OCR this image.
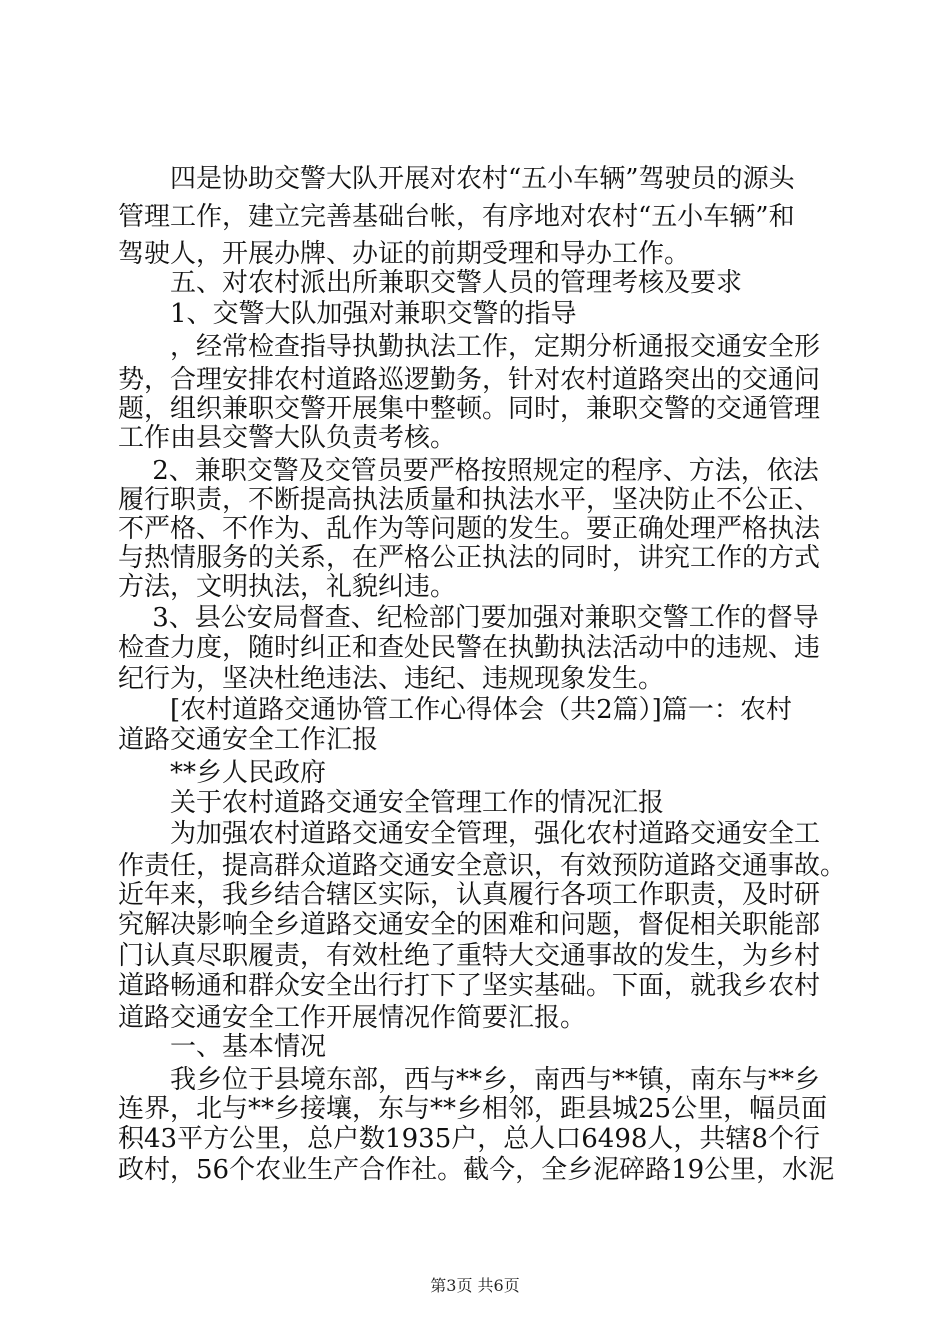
　　四是协助交警大队开展对农村“五小车辆”驾驶员的源头
管理工作，建立完善基础台帐，有序地对农村“五小车辆”和
驾驶人，开展办牌、办证的前期受理和导办工作。
　　五、对农村派出所兼职交警人员的管理考核及要求
　　1、交警大队加强对兼职交警的指导
　　，经常检查指导执勤执法工作，定期分析通报交通安全形
势，合理安排农村道路巡逻勤务，针对农村道路突出的交通问
题，组织兼职交警开展集中整顿。同时，兼职交警的交通管理
工作由县交警大队负责考核。
　 2、兼职交警及交管员要严格按照规定的程序、方法，依法
履行职责，不断提高执法质量和执法水平，坚决防止不公正、
不严格、不作为、乱作为等问题的发生。要正确处理严格执法
与热情服务的关系，在严格公正执法的同时，讲究工作的方式
方法，文明执法，礼貌纠违。
　 3、县公安局督查、纪检部门要加强对兼职交警工作的督导
检查力度，随时纠正和查处民警在执勤执法活动中的违规、违
纪行为，坚决杜绝违法、违纪、违规现象发生。
　　[农村道路交通协管工作心得体会（共2篇）]篇一：农村
道路交通安全工作汇报
　　**乡人民政府
　　关于农村道路交通安全管理工作的情况汇报
　　为加强农村道路交通安全管理，强化农村道路交通安全工
作责任，提高群众道路交通安全意识，有效预防道路交通事故。
近年来，我乡结合辖区实际，认真履行各项工作职责，及时研
究解决影响全乡道路交通安全的困难和问题，督促相关职能部
门认真尽职履责，有效杜绝了重特大交通事故的发生，为乡村
道路畅通和群众安全出行打下了坚实基础。下面，就我乡农村
道路交通安全工作开展情况作简要汇报。
　　一、基本情况
　　我乡位于县境东部，西与**乡，南西与**镇，南东与**乡
连界，北与**乡接壤，东与**乡相邻，距县城25公里，幅员面
积43平方公里，总户数1935户，总人口6498人，共辖8个行
政村，56个农业生产合作社。截今，全乡泥碎路19公里，水泥
第3页 共6页
